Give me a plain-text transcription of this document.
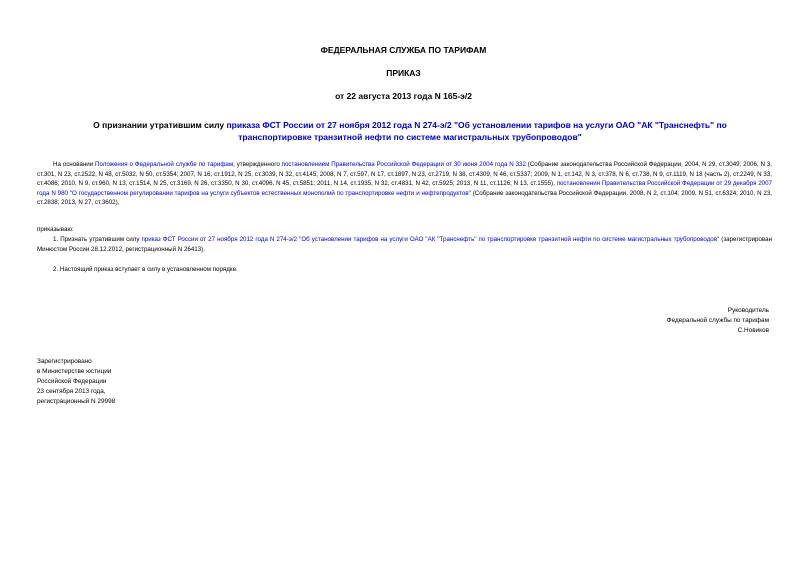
ФЕДЕРАЛЬНАЯ СЛУЖБА ПО ТАРИФАМ
ПРИКАЗ
от 22 августа 2013 года N 165-э/2
О признании утратившим силу приказа ФСТ России от 27 ноября 2012 года N 274-э/2 "Об установлении тарифов на услуги ОАО "АК "Транснефть" по транспортировке транзитной нефти по системе магистральных трубопроводов"
На основании Положения о Федеральной службе по тарифам, утвержденного постановлением Правительства Российской Федерации от 30 июня 2004 года N 332 (Собрание законодательства Российской Федерации, 2004, N 29, ст.3049; 2006, N 3, ст.301, N 23, ст.2522, N 48, ст.5032, N 50, ст.5354; 2007, N 16, ст.1912, N 25, ст.3039, N 32, ст.4145; 2008, N 7, ст.597, N 17, ст.1897, N 23, ст.2719, N 38, ст.4309, N 46, ст.5337; 2009, N 1, ст.142, N 3, ст.378, N 6, ст.738, N 9, ст.1119, N 18 (часть 2), ст.2249, N 33, ст.4086; 2010, N 9, ст.960, N 13, ст.1514, N 25, ст.3169, N 26, ст.3350, N 30, ст.4096, N 45, ст.5851; 2011, N 14, ст.1935, N 32, ст.4831, N 42, ст.5925; 2013, N 11, ст.1126; N 13, ст.1555), постановления Правительства Российской Федерации от 29 декабря 2007 года N 980 "О государственном регулировании тарифов на услуги субъектов естественных монополий по транспортировке нефти и нефтепродуктов" (Собрание законодательства Российской Федерации, 2008, N 2, ст.104; 2009, N 51, ст.6324; 2010, N 23, ст.2838; 2013, N 27, ст.3602),
приказываю:
1. Признать утратившим силу приказ ФСТ России от 27 ноября 2012 года N 274-э/2 "Об установлении тарифов на услуги ОАО "АК "Транснефть" по транспортировке транзитной нефти по системе магистральных трубопроводов" (зарегистрирован Минюстом России 28.12.2012, регистрационный N 26413).
2. Настоящий приказ вступает в силу в установленном порядке.
Руководитель
Федеральной службы по тарифам
С.Новиков
Зарегистрировано
в Министерстве юстиции
Российской Федерации
23 сентября 2013 года,
регистрационный N 29998
